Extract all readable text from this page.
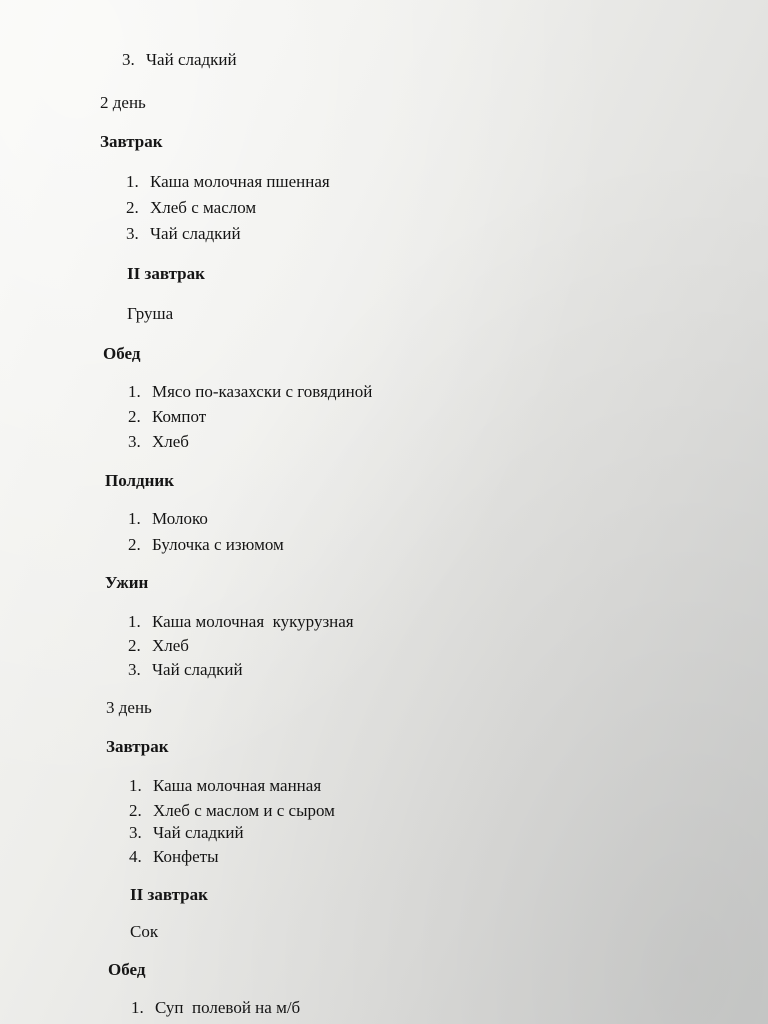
3. Чай сладкий
2 день
Завтрак
1. Каша молочная пшенная
2. Хлеб с маслом
3. Чай сладкий
II завтрак
Груша
Обед
1. Мясо по-казахски с говядиной
2. Компот
3. Хлеб
Полдник
1. Молоко
2. Булочка с изюмом
Ужин
1. Каша молочная  кукурузная
2. Хлеб
3. Чай сладкий
3 день
Завтрак
1. Каша молочная манная
2. Хлеб с маслом и с сыром
3. Чай сладкий
4. Конфеты
II завтрак
Сок
Обед
1. Суп  полевой на м/б
